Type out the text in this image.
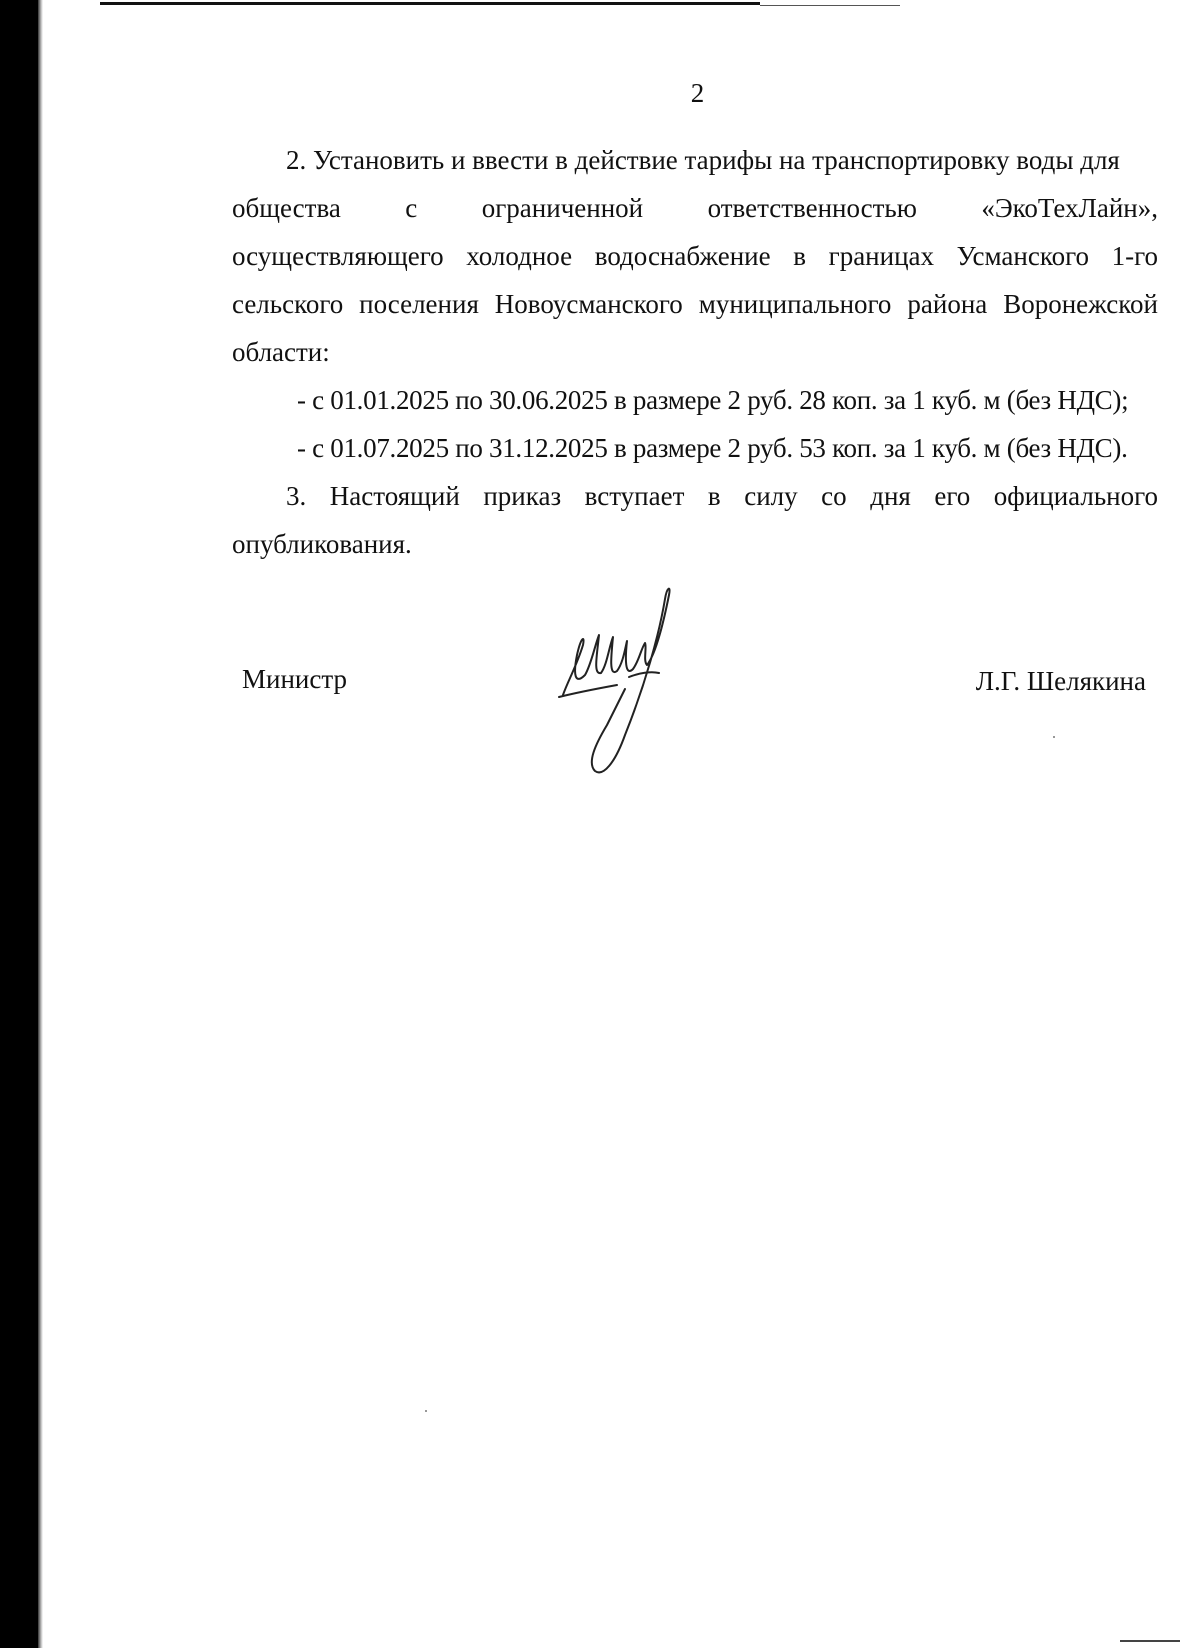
2

2. Установить и ввести в действие тарифы на транспортировку воды для

общества с ограниченной ответственностью «ЭкоТехЛайн»,

осуществляющего холодное водоснабжение в границах Усманского 1-го сельского поселения Новоусманского муниципального района Воронежской области:

- с 01.01.2025 по 30.06.2025 в размере 2 руб. 28 коп. за 1 куб. м (без НДС);

- с 01.07.2025 по 31.12.2025 в размере 2 руб. 53 коп. за 1 куб. м (без НДС).

3. Настоящий приказ вступает в силу со дня его официального опубликования.

Министр	Л.Г. Шелякина
